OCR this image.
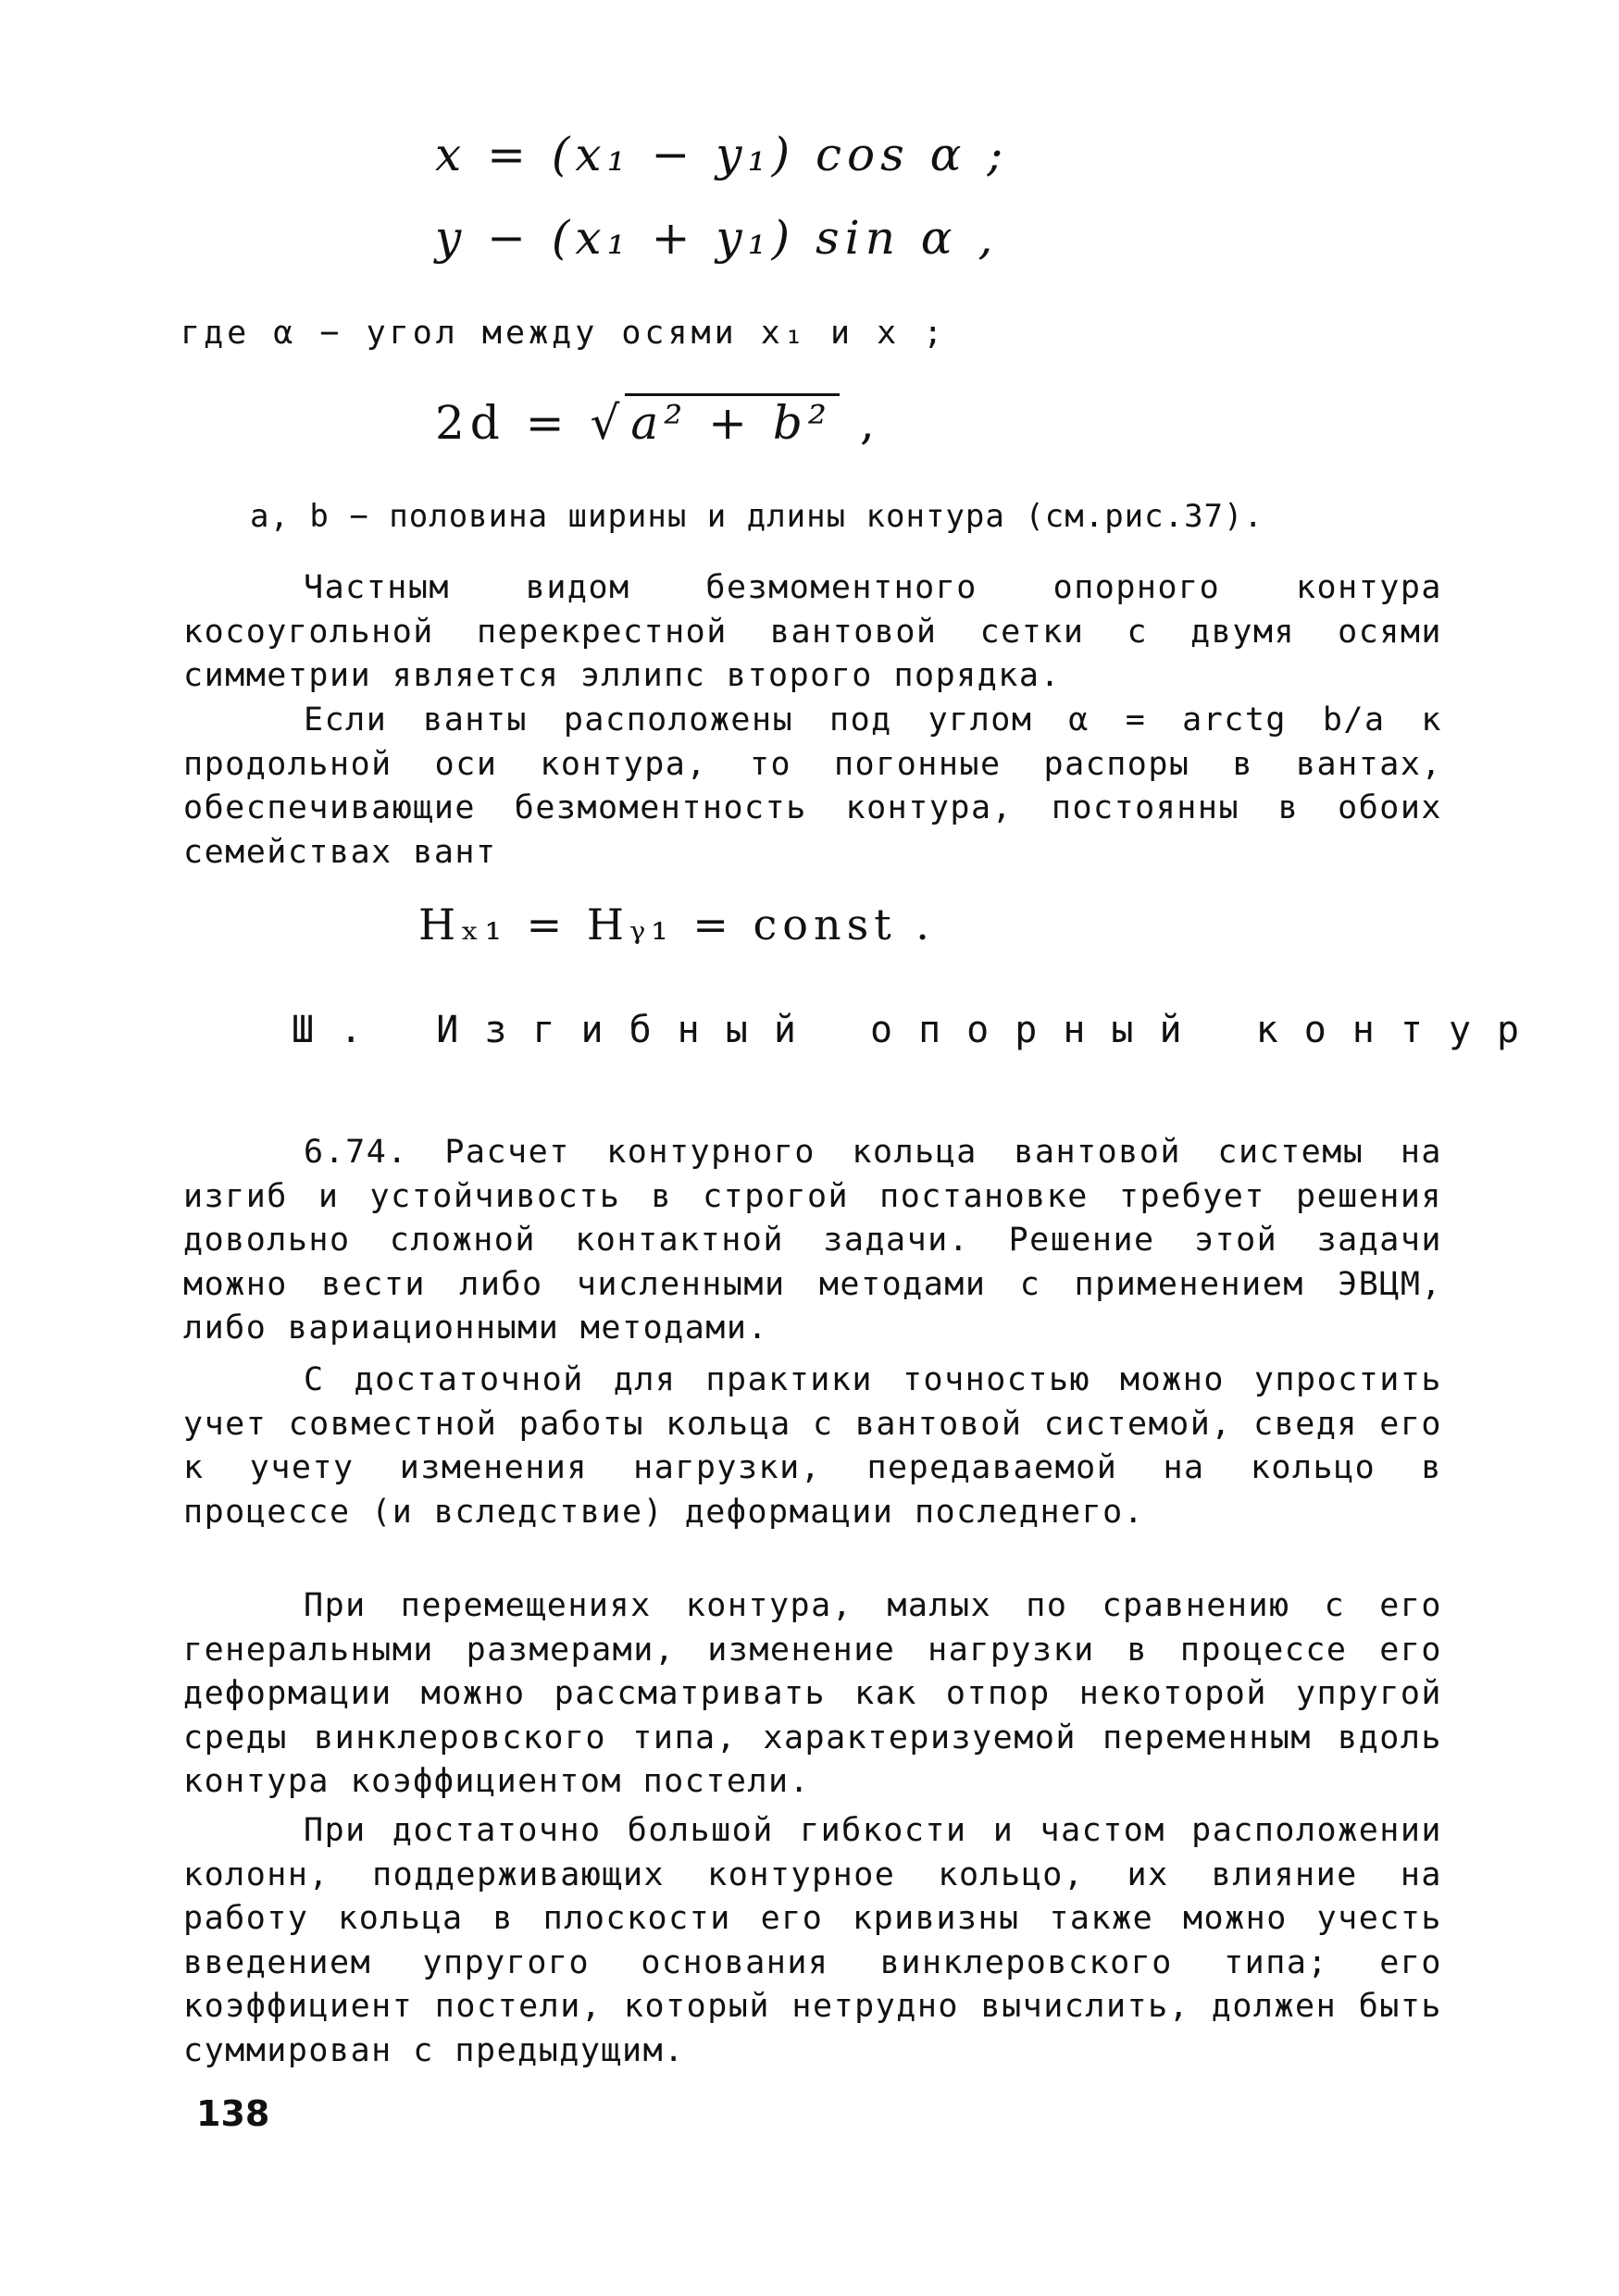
x = (x₁ − y₁) cos α ;
y − (x₁ + y₁) sin α ,
где α − угол между осями x₁ и x ;
2d = √ a² + b² ,
a, b − половина ширины и длины контура (см.рис.37).

Частным видом безмоментного опорного контура косоугольной перекрестной вантовой сетки с двумя осями симметрии является эллипс второго порядка.

Если ванты расположены под углом α = arctg b/a к продольной оси контура, то погонные распоры в вантах, обеспечивающие безмоментность контура, постоянны в обоих семействах вант

Hₓ₁ = Hᵧ₁ = const .
Ш. Изгибный опорный контур

6.74. Расчет контурного кольца вантовой системы на изгиб и устойчивость в строгой постановке требует решения довольно сложной контактной задачи. Решение этой задачи можно вести либо численными методами с применением ЭВЦМ, либо вариационными методами.

С достаточной для практики точностью можно упростить учет совместной работы кольца с вантовой системой, сведя его к учету изменения нагрузки, передаваемой на кольцо в процессе (и вследствие) деформации последнего.

При перемещениях контура, малых по сравнению с его генеральными размерами, изменение нагрузки в процессе его деформации можно рассматривать как отпор некоторой упругой среды винклеровского типа, характеризуемой переменным вдоль контура коэффициентом постели.

При достаточно большой гибкости и частом расположении колонн, поддерживающих контурное кольцо, их влияние на работу кольца в плоскости его кривизны также можно учесть введением упругого основания винклеровского типа; его коэффициент постели, который нетрудно вычислить, должен быть суммирован с предыдущим.

138
